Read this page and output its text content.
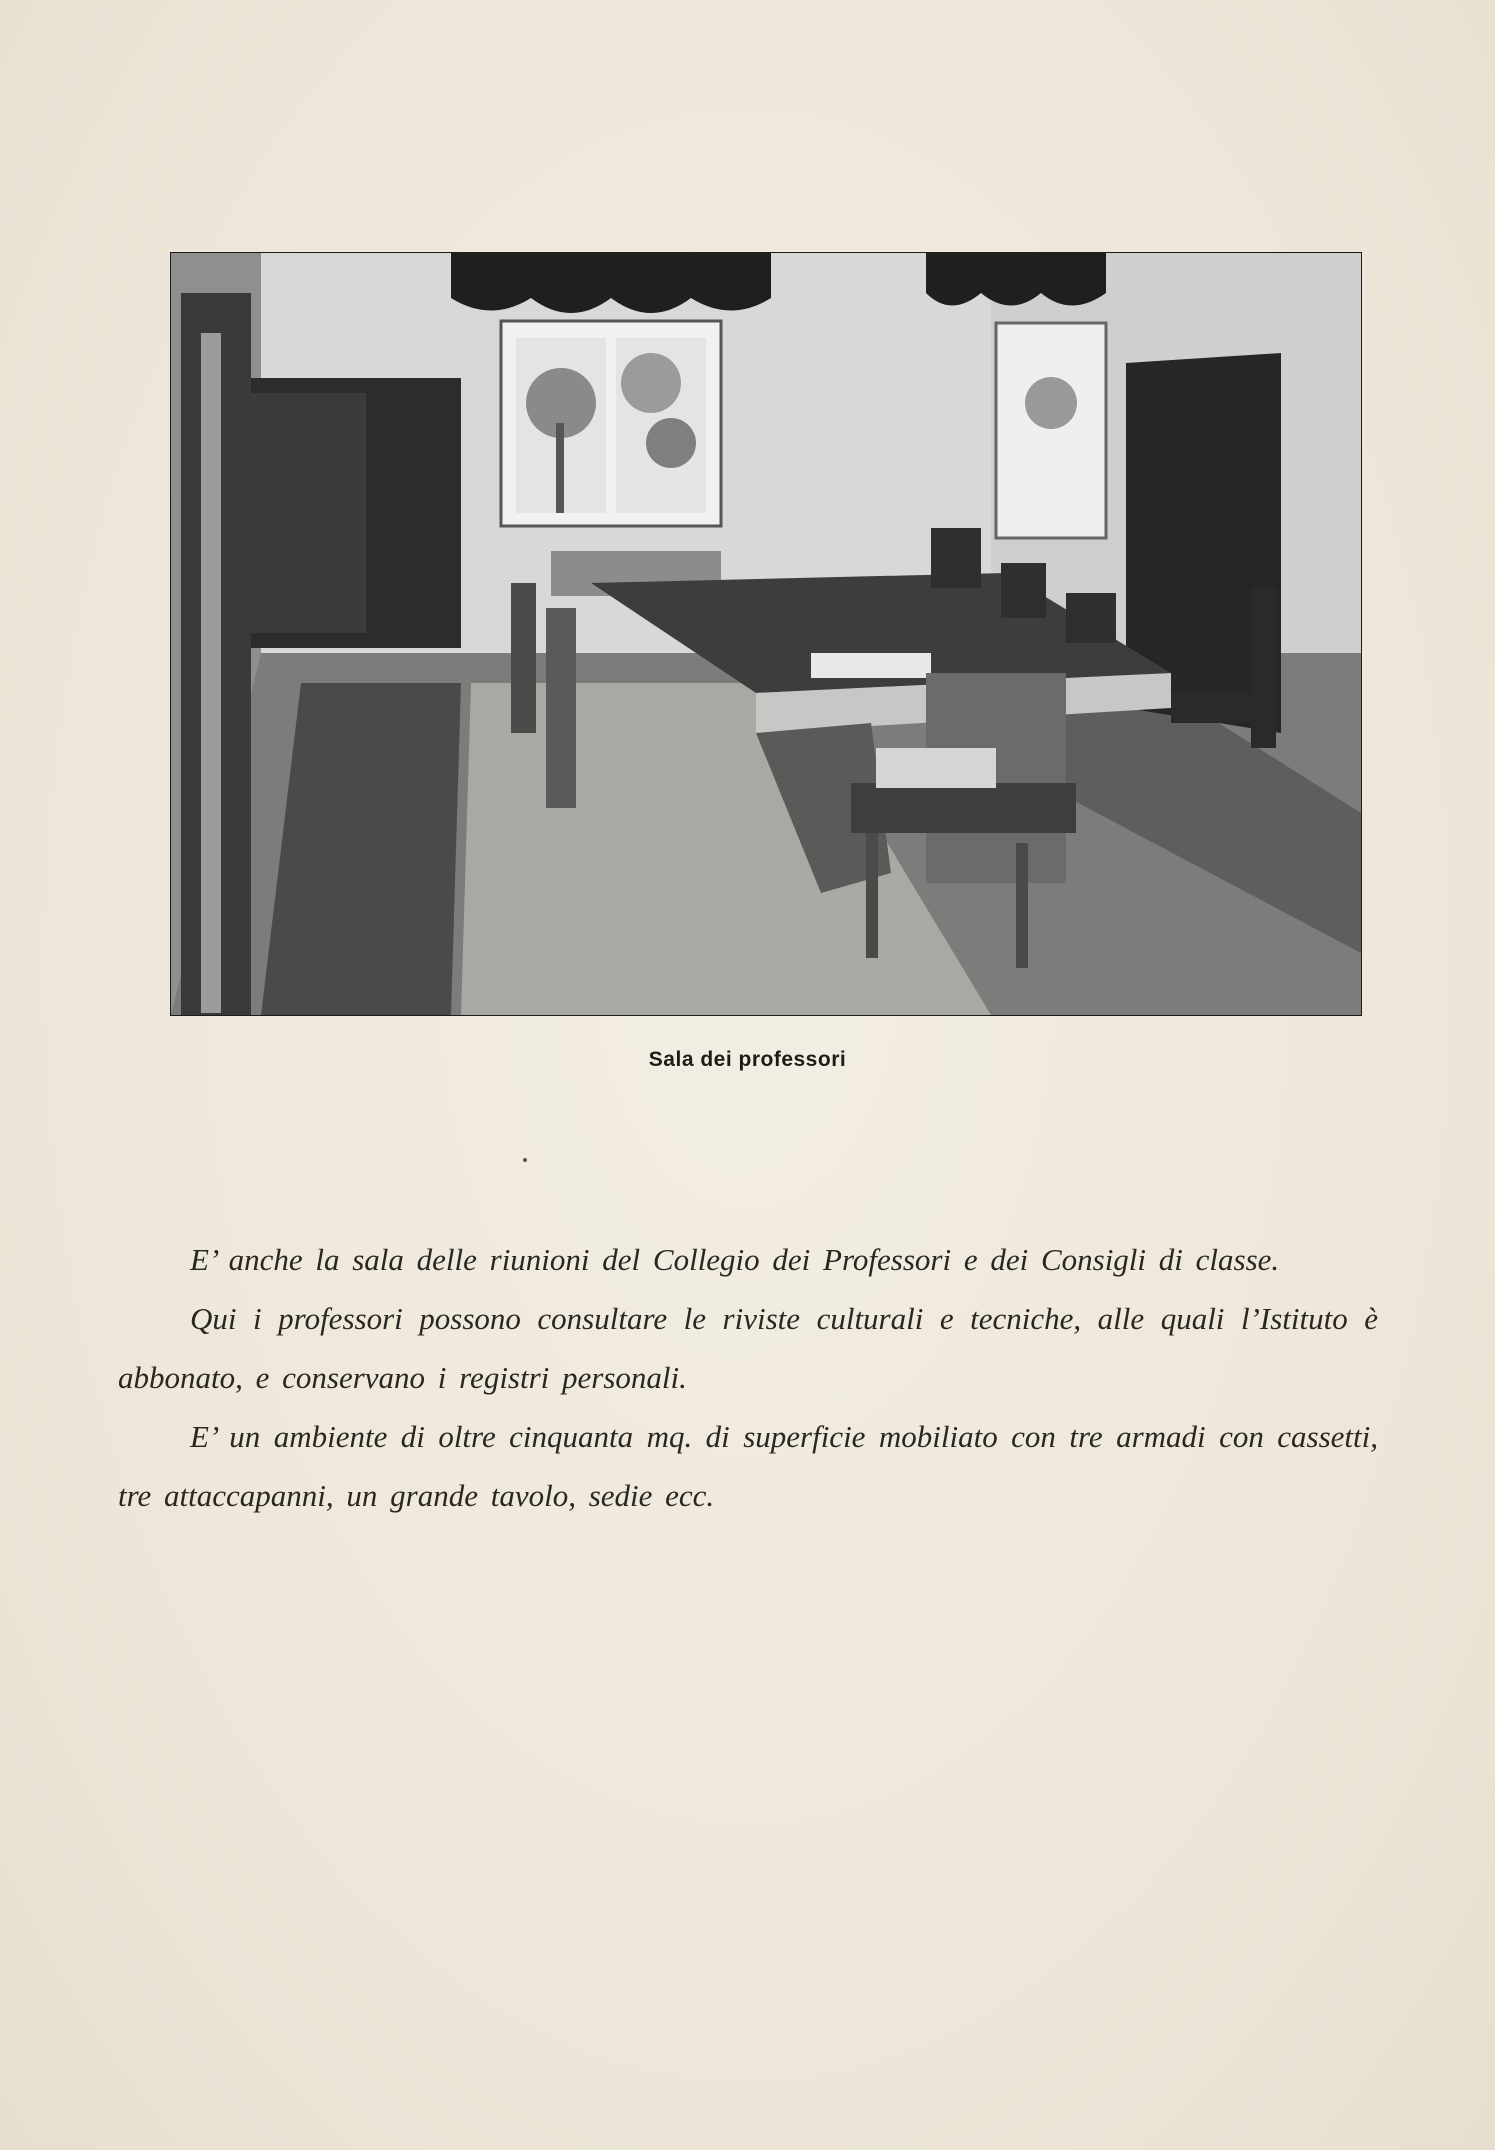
Sala dei professori

E’ anche la sala delle riunioni del Collegio dei Professori e dei Consigli di classe.

Qui i professori possono consultare le riviste culturali e tecniche, alle quali l’Istituto è abbonato, e conservano i registri personali.

E’ un ambiente di oltre cinquanta mq. di superficie mobiliato con tre armadi con cassetti, tre attaccapanni, un grande tavolo, sedie ecc.
